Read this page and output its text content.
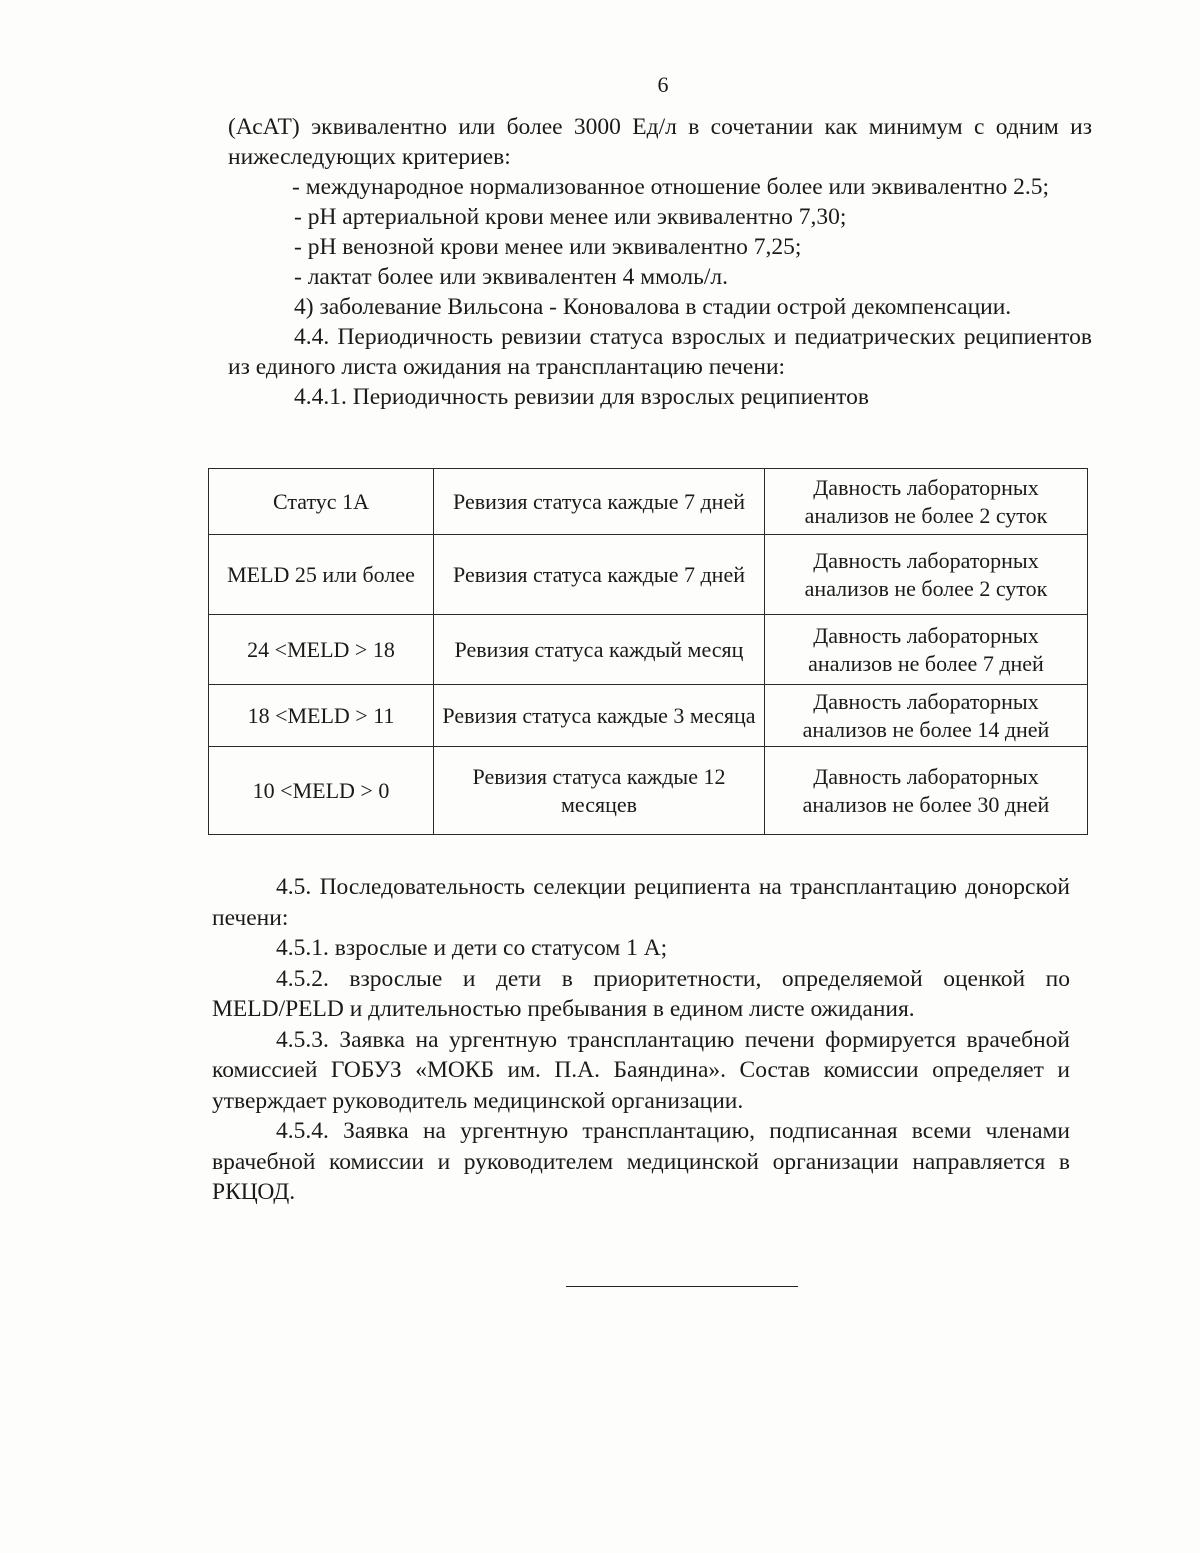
6

(АсАТ) эквивалентно или более 3000 Ед/л в сочетании как минимум с одним из нижеследующих критериев:

- международное нормализованное отношение более или эквивалентно 2.5;

- рН артериальной крови менее или эквивалентно 7,30;

- рН венозной крови менее или эквивалентно 7,25;

- лактат более или эквивалентен 4 ммоль/л.

4) заболевание Вильсона - Коновалова в стадии острой декомпенсации.

4.4. Периодичность ревизии статуса взрослых и педиатрических реципиентов из единого листа ожидания на трансплантацию печени:

4.4.1. Периодичность ревизии для взрослых реципиентов

Статус 1А	Ревизия статуса каждые 7 дней	Давность лабораторных анализов не более 2 суток
MELD 25 или более	Ревизия статуса каждые 7 дней	Давность лабораторных анализов не более 2 суток
24 <MELD > 18	Ревизия статуса каждый месяц	Давность лабораторных анализов не более 7 дней
18 <MELD > 11	Ревизия статуса каждые 3 месяца	Давность лабораторных анализов не более 14 дней
10 <MELD > 0	Ревизия статуса каждые 12 месяцев	Давность лабораторных анализов не более 30 дней

4.5. Последовательность селекции реципиента на трансплантацию донорской печени:

4.5.1. взрослые и дети со статусом 1 А;

4.5.2. взрослые и дети в приоритетности, определяемой оценкой по MELD/PELD и длительностью пребывания в едином листе ожидания.

4.5.3. Заявка на ургентную трансплантацию печени формируется врачебной комиссией ГОБУЗ «МОКБ им. П.А. Баяндина». Состав комиссии определяет и утверждает руководитель медицинской организации.

4.5.4. Заявка на ургентную трансплантацию, подписанная всеми членами врачебной комиссии и руководителем медицинской организации направляется в РКЦОД.
